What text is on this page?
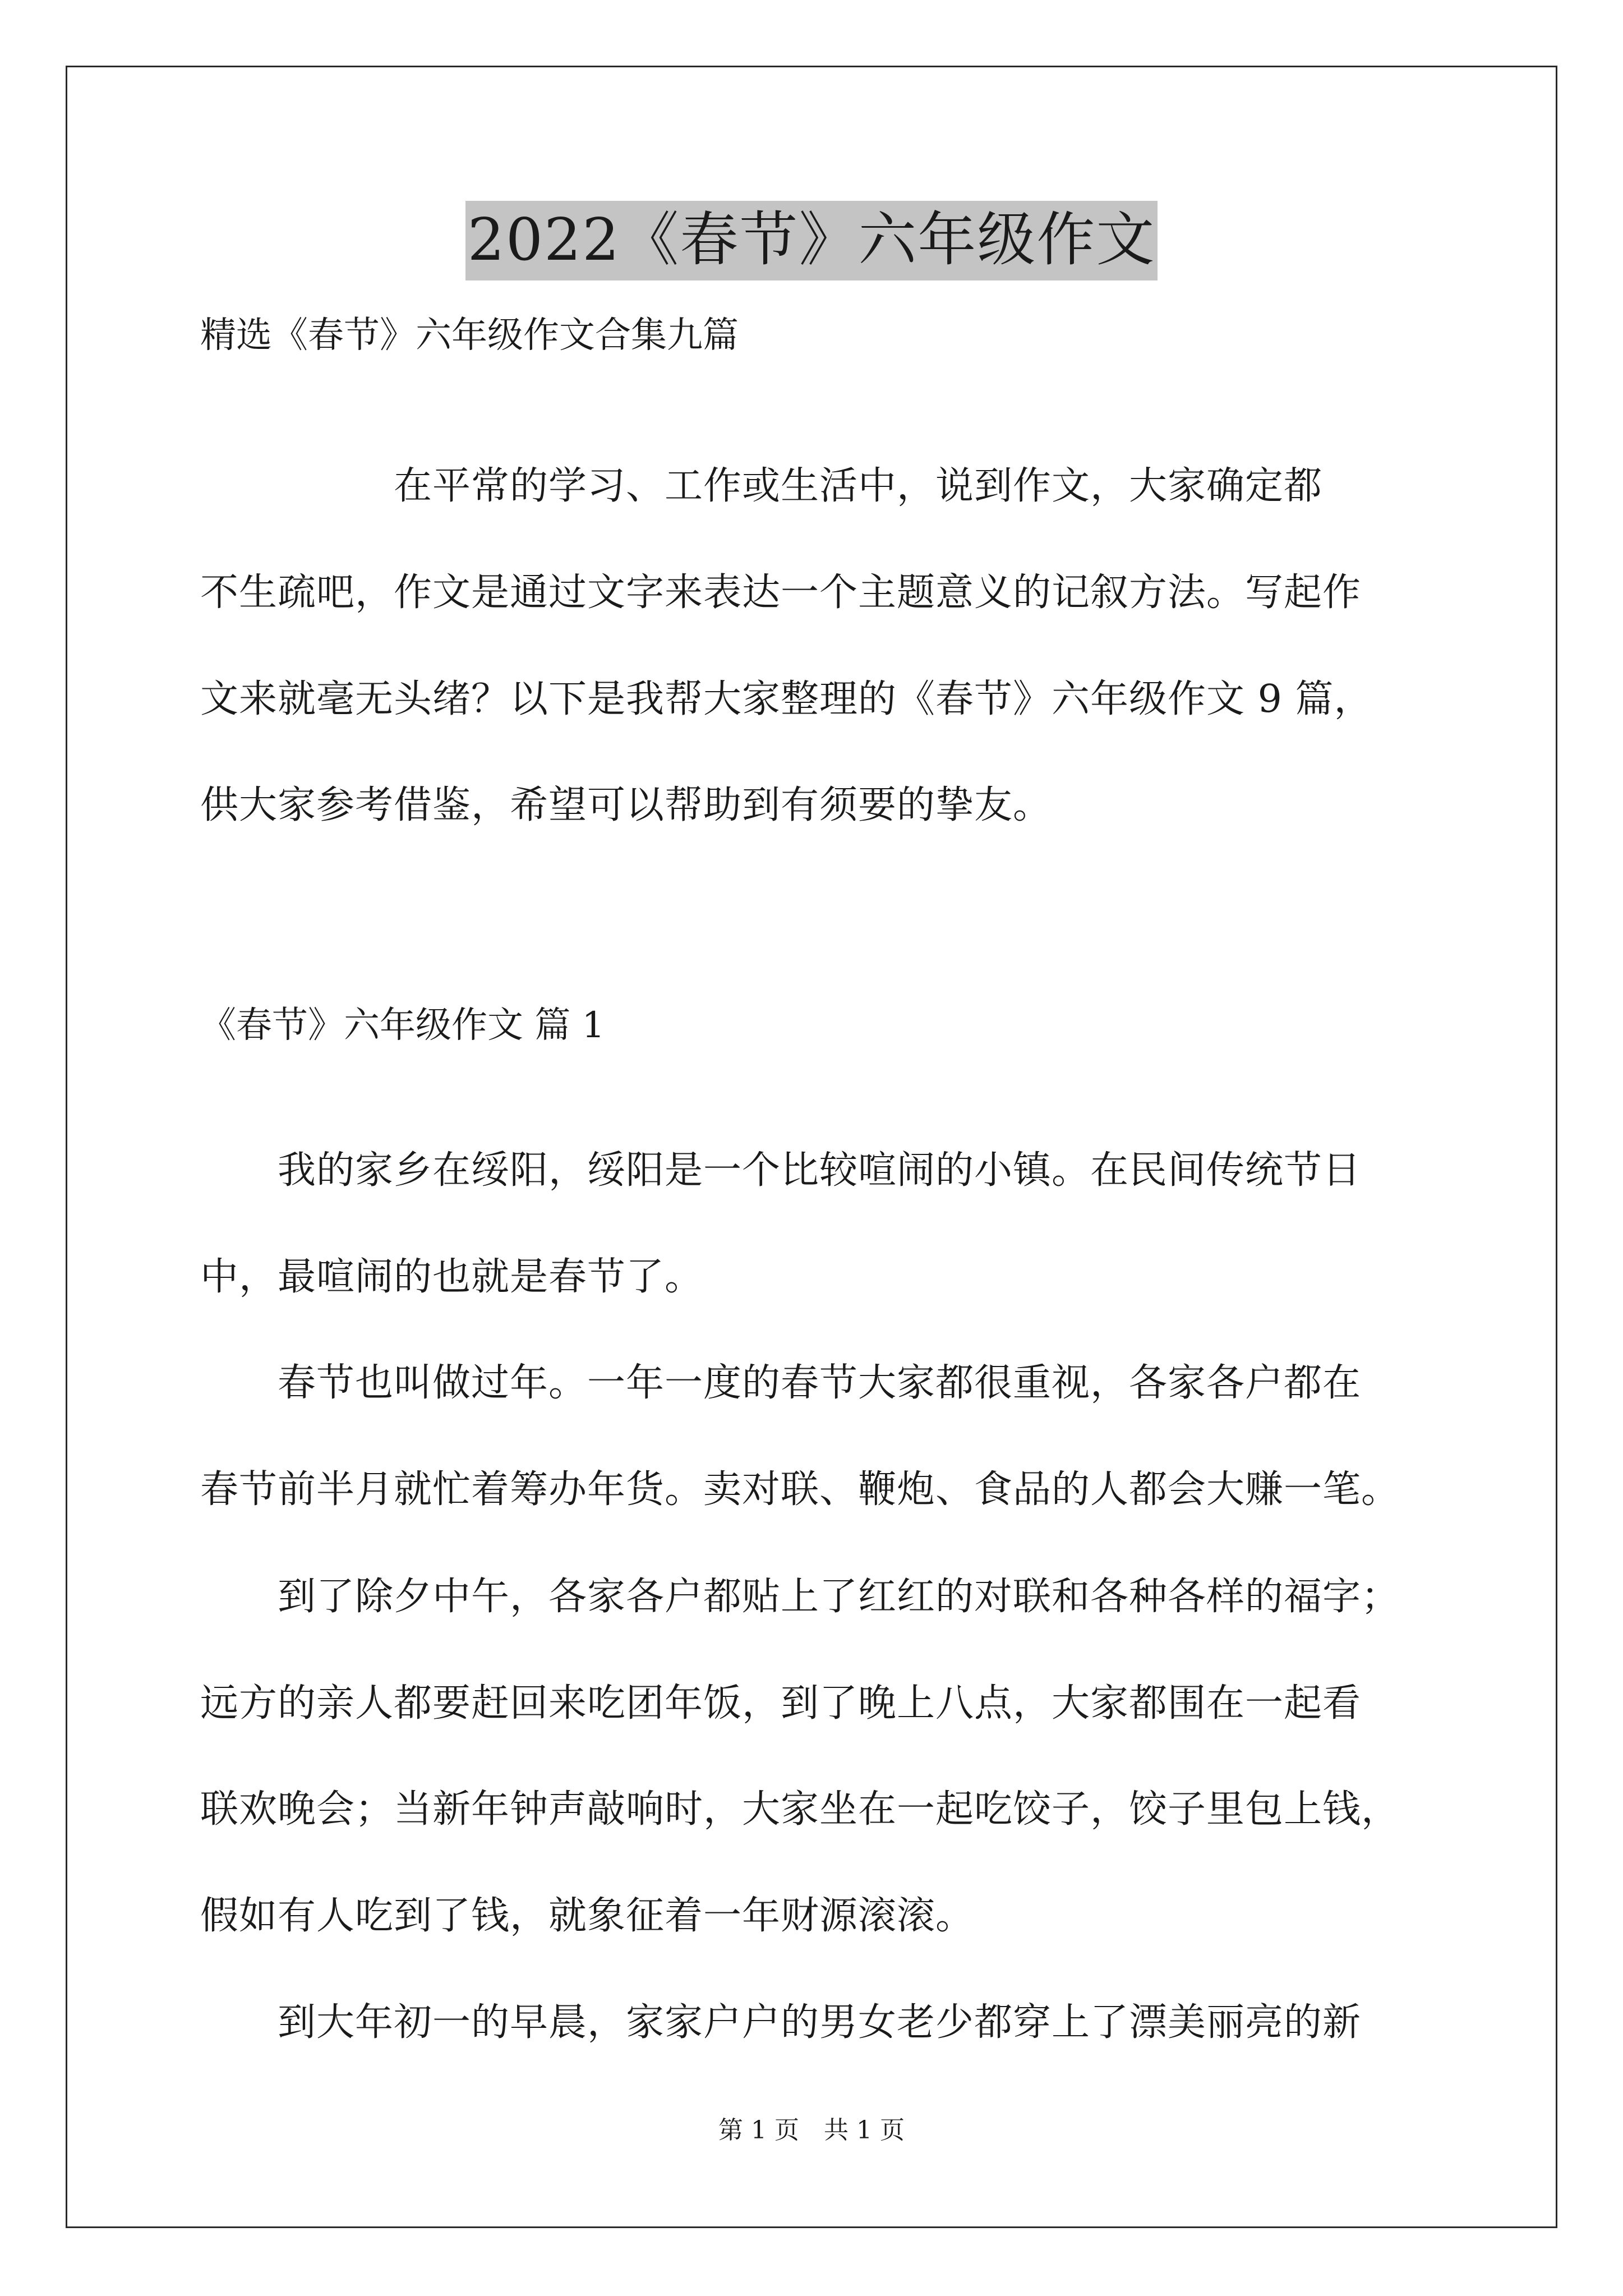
2022《春节》六年级作文
精选《春节》六年级作文合集九篇
　　　　　在平常的学习、工作或生活中，说到作文，大家确定都
不生疏吧，作文是通过文字来表达一个主题意义的记叙方法。写起作
文来就毫无头绪？以下是我帮大家整理的《春节》六年级作文 9 篇，
供大家参考借鉴，希望可以帮助到有须要的挚友。
《春节》六年级作文 篇 1
　　我的家乡在绥阳，绥阳是一个比较喧闹的小镇。在民间传统节日
中，最喧闹的也就是春节了。
　　春节也叫做过年。一年一度的春节大家都很重视，各家各户都在
春节前半月就忙着筹办年货。卖对联、鞭炮、食品的人都会大赚一笔。
　　到了除夕中午，各家各户都贴上了红红的对联和各种各样的福字；
远方的亲人都要赶回来吃团年饭，到了晚上八点，大家都围在一起看
联欢晚会；当新年钟声敲响时，大家坐在一起吃饺子，饺子里包上钱，
假如有人吃到了钱，就象征着一年财源滚滚。
　　到大年初一的早晨，家家户户的男女老少都穿上了漂美丽亮的新
第 1 页　共 1 页
